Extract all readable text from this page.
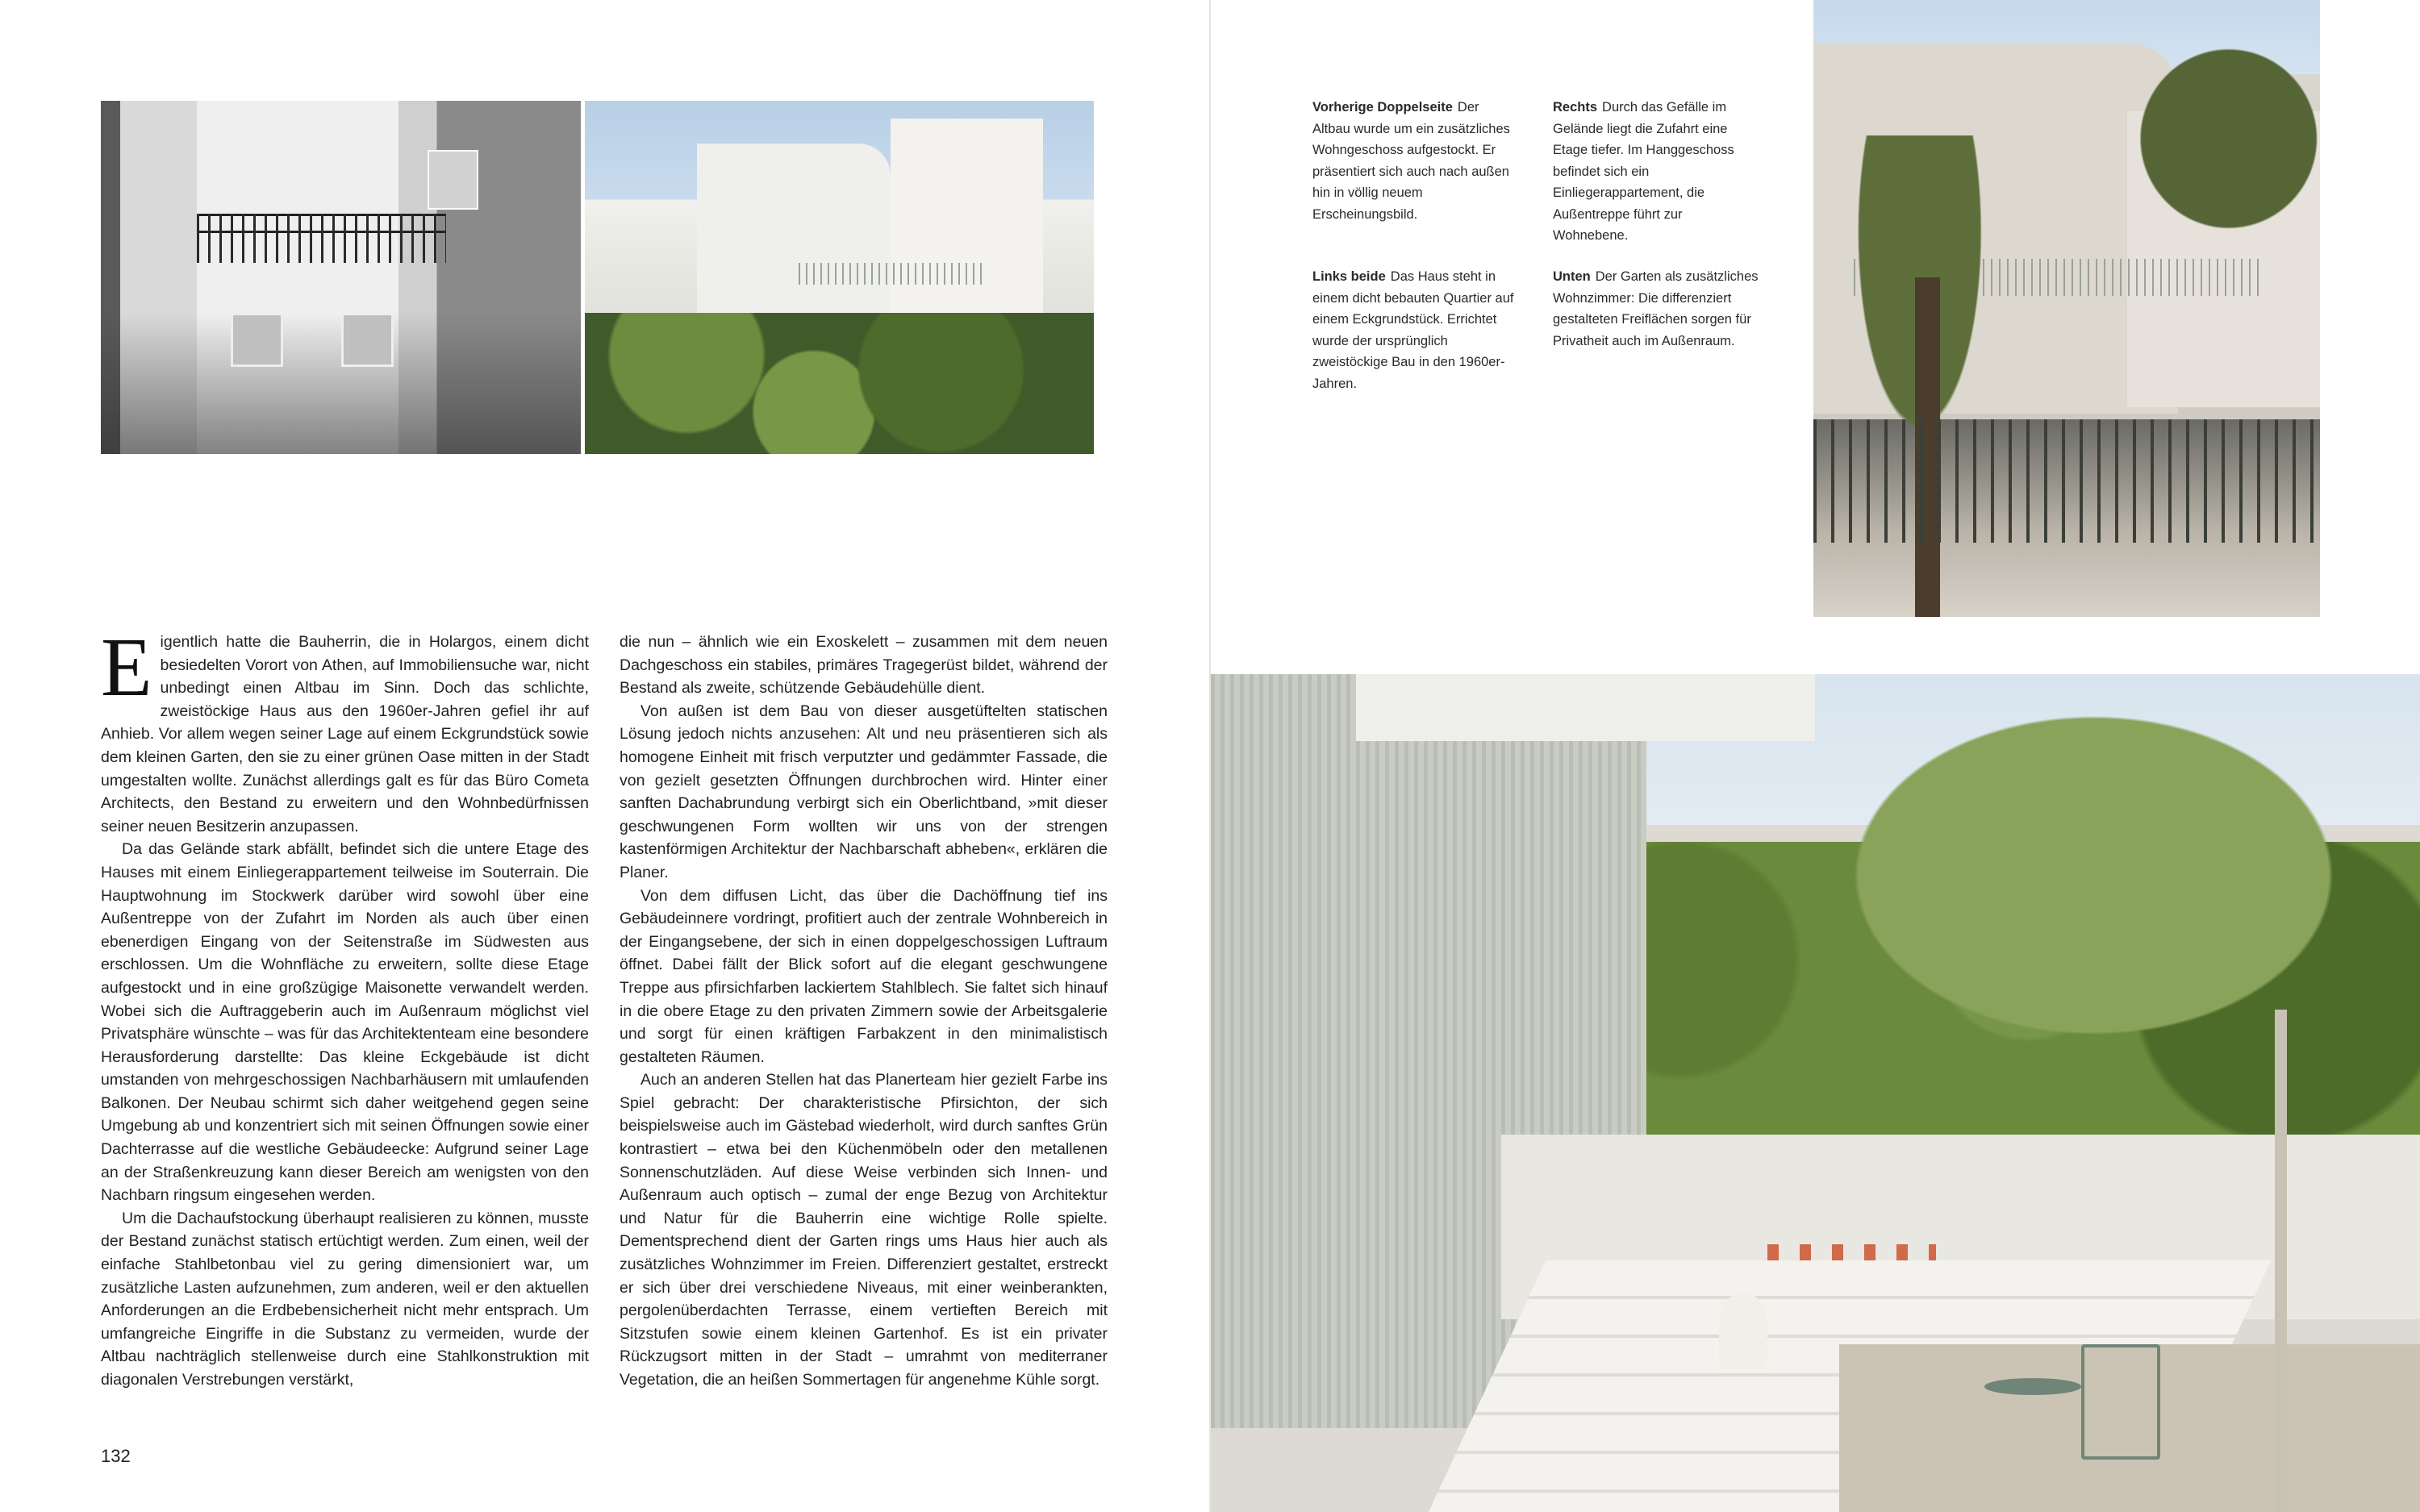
Eigentlich hatte die Bauherrin, die in Holargos, einem dicht besiedelten Vorort von Athen, auf Immobiliensuche war, nicht unbedingt einen Altbau im Sinn. Doch das schlichte, zweistöckige Haus aus den 1960er-Jahren gefiel ihr auf Anhieb. Vor allem wegen seiner Lage auf einem Eckgrundstück sowie dem kleinen Garten, den sie zu einer grünen Oase mitten in der Stadt umgestalten wollte. Zunächst allerdings galt es für das Büro Cometa Architects, den Bestand zu erweitern und den Wohnbedürfnissen seiner neuen Besitzerin anzupassen.

Da das Gelände stark abfällt, befindet sich die untere Etage des Hauses mit einem Einliegerappartement teilweise im Souterrain. Die Hauptwohnung im Stockwerk darüber wird sowohl über eine Außentreppe von der Zufahrt im Norden als auch über einen ebenerdigen Eingang von der Seitenstraße im Südwesten aus erschlossen. Um die Wohnfläche zu erweitern, sollte diese Etage aufgestockt und in eine großzügige Maisonette verwandelt werden. Wobei sich die Auftraggeberin auch im Außenraum möglichst viel Privatsphäre wünschte – was für das Architektenteam eine besondere Herausforderung darstellte: Das kleine Eckgebäude ist dicht umstanden von mehrgeschossigen Nachbarhäusern mit umlaufenden Balkonen. Der Neubau schirmt sich daher weitgehend gegen seine Umgebung ab und konzentriert sich mit seinen Öffnungen sowie einer Dachterrasse auf die westliche Gebäudeecke: Aufgrund seiner Lage an der Straßenkreuzung kann dieser Bereich am wenigsten von den Nachbarn ringsum eingesehen werden.

Um die Dachaufstockung überhaupt realisieren zu können, musste der Bestand zunächst statisch ertüchtigt werden. Zum einen, weil der einfache Stahlbetonbau viel zu gering dimensioniert war, um zusätzliche Lasten aufzunehmen, zum anderen, weil er den aktuellen Anforderungen an die Erdbebensicherheit nicht mehr entsprach. Um umfangreiche Eingriffe in die Substanz zu vermeiden, wurde der Altbau nachträglich stellenweise durch eine Stahlkonstruktion mit diagonalen Verstrebungen verstärkt,

die nun – ähnlich wie ein Exoskelett – zusammen mit dem neuen Dachgeschoss ein stabiles, primäres Tragegerüst bildet, während der Bestand als zweite, schützende Gebäudehülle dient.

Von außen ist dem Bau von dieser ausgetüftelten statischen Lösung jedoch nichts anzusehen: Alt und neu präsentieren sich als homogene Einheit mit frisch verputzter und gedämmter Fassade, die von gezielt gesetzten Öffnungen durchbrochen wird. Hinter einer sanften Dachabrundung verbirgt sich ein Oberlichtband, »mit dieser geschwungenen Form wollten wir uns von der strengen kastenförmigen Architektur der Nachbarschaft abheben«, erklären die Planer.

Von dem diffusen Licht, das über die Dachöffnung tief ins Gebäudeinnere vordringt, profitiert auch der zentrale Wohnbereich in der Eingangsebene, der sich in einen doppelgeschossigen Luftraum öffnet. Dabei fällt der Blick sofort auf die elegant geschwungene Treppe aus pfirsichfarben lackiertem Stahlblech. Sie faltet sich hinauf in die obere Etage zu den privaten Zimmern sowie der Arbeitsgalerie und sorgt für einen kräftigen Farbakzent in den minimalistisch gestalteten Räumen.

Auch an anderen Stellen hat das Planerteam hier gezielt Farbe ins Spiel gebracht: Der charakteristische Pfirsichton, der sich beispielsweise auch im Gästebad wiederholt, wird durch sanftes Grün kontrastiert – etwa bei den Küchenmöbeln oder den metallenen Sonnenschutzläden. Auf diese Weise verbinden sich Innen- und Außenraum auch optisch – zumal der enge Bezug von Architektur und Natur für die Bauherrin eine wichtige Rolle spielte. Dementsprechend dient der Garten rings ums Haus hier auch als zusätzliches Wohnzimmer im Freien. Differenziert gestaltet, erstreckt er sich über drei verschiedene Niveaus, mit einer weinberankten, pergolenüberdachten Terrasse, einem vertieften Bereich mit Sitzstufen sowie einem kleinen Gartenhof. Es ist ein privater Rückzugsort mitten in der Stadt – umrahmt von mediterraner Vegetation, die an heißen Sommertagen für angenehme Kühle sorgt.

132
Vorherige Doppelseite Der Altbau wurde um ein zusätzliches Wohngeschoss aufgestockt. Er präsentiert sich auch nach außen hin in völlig neuem Erscheinungsbild.
Rechts Durch das Gefälle im Gelände liegt die Zufahrt eine Etage tiefer. Im Hanggeschoss befindet sich ein Einliegerappartement, die Außentreppe führt zur Wohnebene.
Links beide Das Haus steht in einem dicht bebauten Quartier auf einem Eckgrundstück. Errichtet wurde der ursprünglich zweistöckige Bau in den 1960er-Jahren.
Unten Der Garten als zusätzliches Wohnzimmer: Die differenziert gestalteten Freiflächen sorgen für Privatheit auch im Außenraum.
